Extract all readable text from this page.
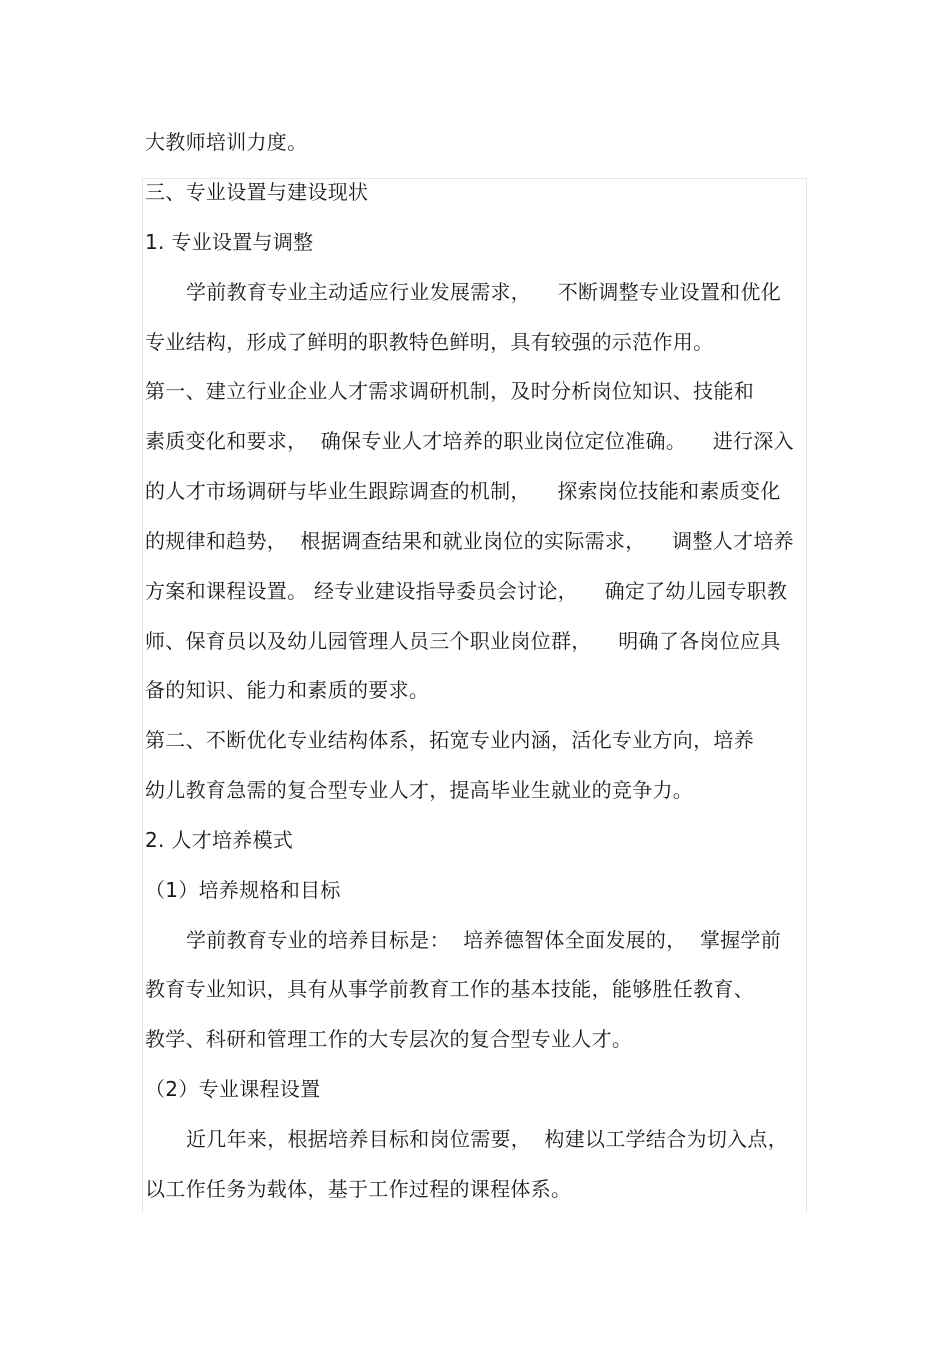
大教师培训力度。

三、专业设置与建设现状

1. 专业设置与调整

学前教育专业主动适应行业发展需求，    不断调整专业设置和优化

专业结构，形成了鲜明的职教特色鲜明，具有较强的示范作用。

第一、建立行业企业人才需求调研机制，及时分析岗位知识、技能和

素质变化和要求，  确保专业人才培养的职业岗位定位准确。    进行深入

的人才市场调研与毕业生跟踪调查的机制，    探索岗位技能和素质变化

的规律和趋势，  根据调查结果和就业岗位的实际需求，    调整人才培养

方案和课程设置。 经专业建设指导委员会讨论，    确定了幼儿园专职教

师、保育员以及幼儿园管理人员三个职业岗位群，    明确了各岗位应具

备的知识、能力和素质的要求。

第二、不断优化专业结构体系，拓宽专业内涵，活化专业方向，培养

幼儿教育急需的复合型专业人才，提高毕业生就业的竞争力。

2. 人才培养模式

（1）培养规格和目标

学前教育专业的培养目标是：  培养德智体全面发展的，  掌握学前

教育专业知识，具有从事学前教育工作的基本技能，能够胜任教育、

教学、科研和管理工作的大专层次的复合型专业人才。

（2）专业课程设置

近几年来，根据培养目标和岗位需要，  构建以工学结合为切入点，

以工作任务为载体，基于工作过程的课程体系。
